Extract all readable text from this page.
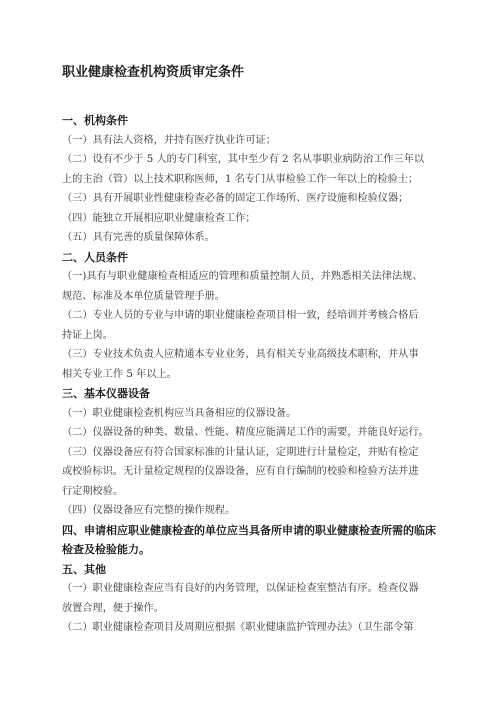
职业健康检查机构资质审定条件

一、机构条件

（一）具有法人资格，并持有医疗执业许可证；

（二）设有不少于 5 人的专门科室，其中至少有 2 名从事职业病防治工作三年以
上的主治（管）以上技术职称医师，1 名专门从事检验工作一年以上的检验士；

（三）具有开展职业性健康检查必备的固定工作场所、医疗设施和检验仪器；

（四）能独立开展相应职业健康检查工作；

（五）具有完善的质量保障体系。

二、人员条件

（一)具有与职业健康检查相适应的管理和质量控制人员，并熟悉相关法律法规、
规范、标准及本单位质量管理手册。

（二）专业人员的专业与申请的职业健康检查项目相一致，经培训并考核合格后
持证上岗。

（三）专业技术负责人应精通本专业业务，具有相关专业高级技术职称，并从事
相关专业工作 5 年以上。

三、基本仪器设备

（一）职业健康检查机构应当具备相应的仪器设备。

（二）仪器设备的种类、数量、性能、精度应能满足工作的需要，并能良好运行。

（三）仪器设备应有符合国家标准的计量认证，定期进行计量检定，并贴有检定
或校验标识。无计量检定规程的仪器设备，应有自行编制的校验和检验方法并进
行定期校验。

（四）仪器设备应有完整的操作规程。

四、申请相应职业健康检查的单位应当具备所申请的职业健康检查所需的临床
检查及检验能力。

五、其他

（一）职业健康检查应当有良好的内务管理，以保证检查室整洁有序。检查仪器
放置合理，便于操作。

（二）职业健康检查项目及周期应根据《职业健康监护管理办法》（卫生部令第
